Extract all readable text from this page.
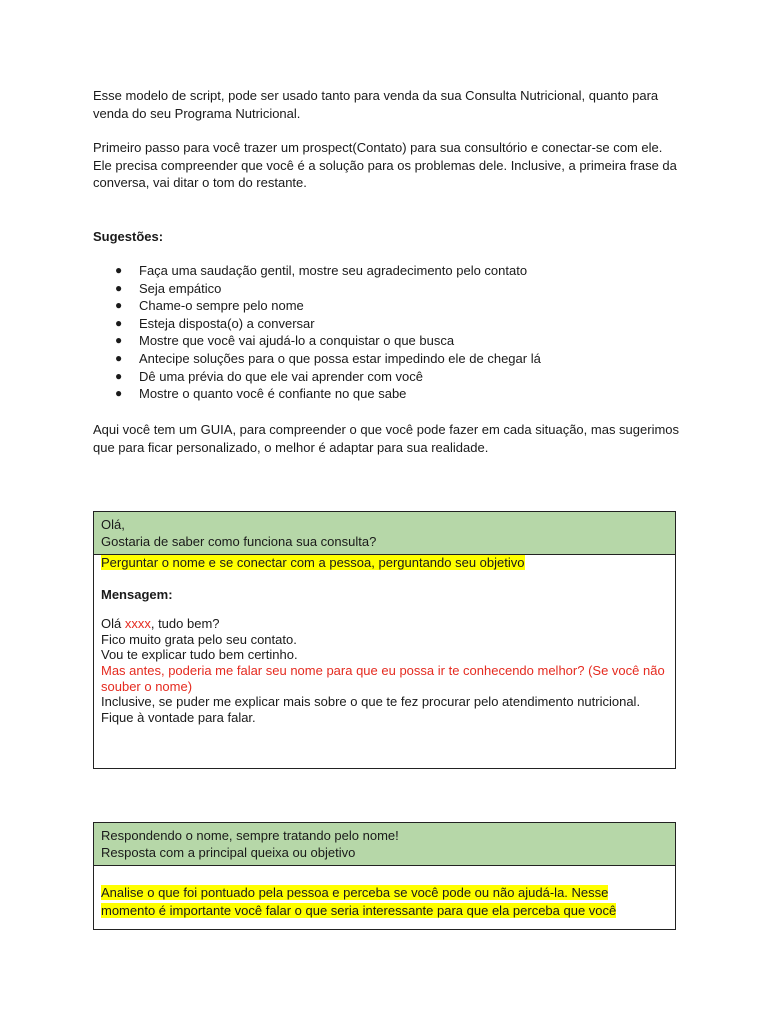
Esse modelo de script, pode ser usado tanto para venda da sua Consulta Nutricional, quanto para venda do seu Programa Nutricional.

Primeiro passo para você trazer um prospect(Contato) para sua consultório e conectar-se com ele. Ele precisa compreender que você é a solução para os problemas dele. Inclusive, a primeira frase da conversa, vai ditar o tom do restante.

Sugestões:
● Faça uma saudação gentil, mostre seu agradecimento pelo contato
● Seja empático
● Chame-o sempre pelo nome
● Esteja disposta(o) a conversar
● Mostre que você vai ajudá-lo a conquistar o que busca
● Antecipe soluções para o que possa estar impedindo ele de chegar lá
● Dê uma prévia do que ele vai aprender com você
● Mostre o quanto você é confiante no que sabe

Aqui você tem um GUIA, para compreender o que você pode fazer em cada situação, mas sugerimos que para ficar personalizado, o melhor é adaptar para sua realidade.

Olá,
Gostaria de saber como funciona sua consulta?
Perguntar o nome e se conectar com a pessoa, perguntando seu objetivo
Mensagem:
Olá xxxx, tudo bem?
Fico muito grata pelo seu contato.
Vou te explicar tudo bem certinho.
Mas antes, poderia me falar seu nome para que eu possa ir te conhecendo melhor? (Se você não souber o nome)
Inclusive, se puder me explicar mais sobre o que te fez procurar pelo atendimento nutricional. Fique à vontade para falar.
Respondendo o nome, sempre tratando pelo nome!
Resposta com a principal queixa ou objetivo
Analise o que foi pontuado pela pessoa e perceba se você pode ou não ajudá-la. Nesse
momento é importante você falar o que seria interessante para que ela perceba que você
